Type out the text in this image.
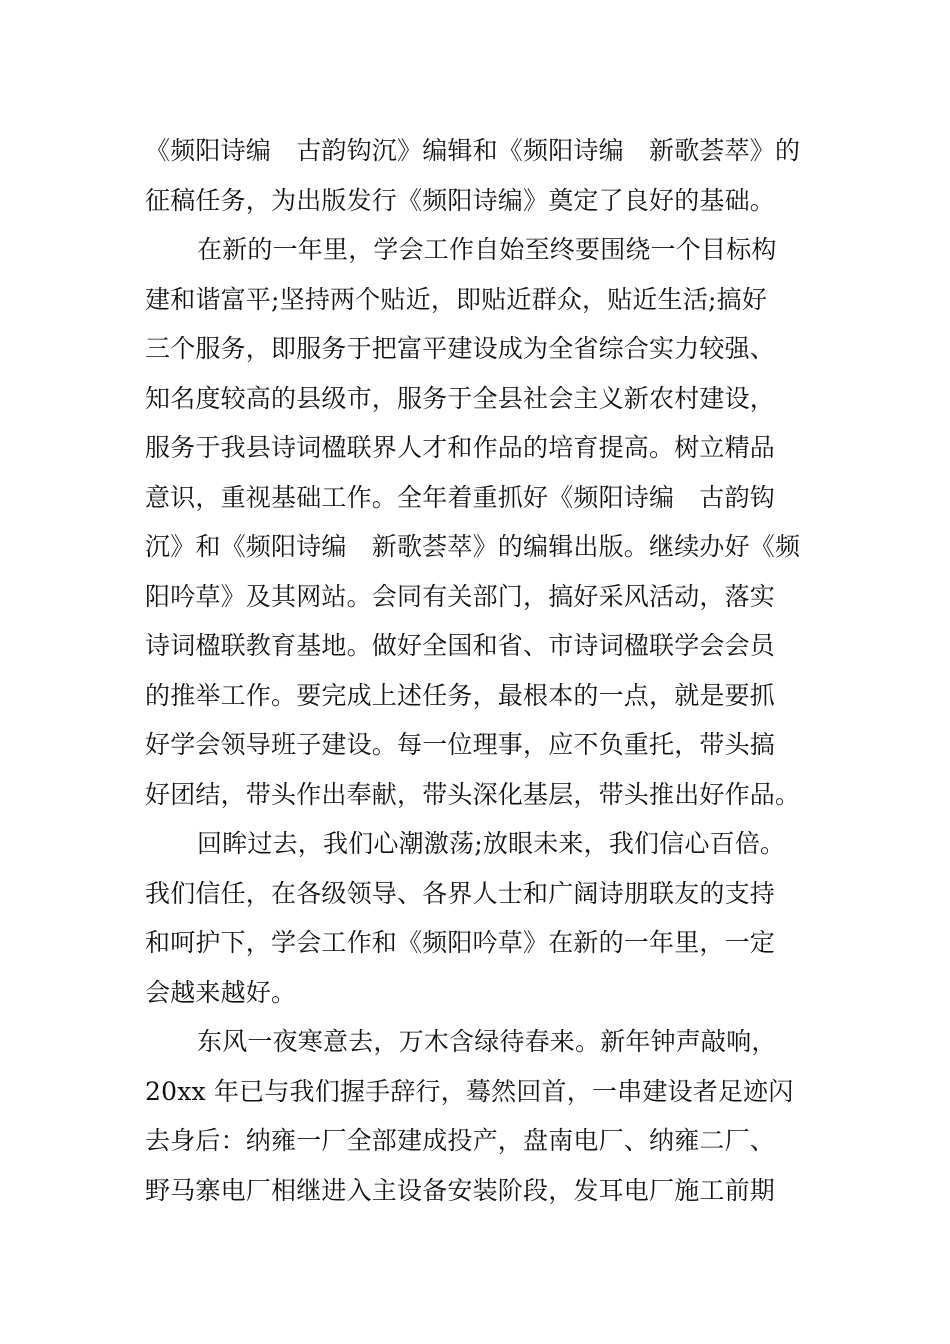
《频阳诗编　古韵钩沉》编辑和《频阳诗编　新歌荟萃》的
征稿任务，为出版发行《频阳诗编》奠定了良好的基础。
在新的一年里，学会工作自始至终要围绕一个目标构
建和谐富平;坚持两个贴近，即贴近群众，贴近生活;搞好
三个服务，即服务于把富平建设成为全省综合实力较强、
知名度较高的县级市，服务于全县社会主义新农村建设，
服务于我县诗词楹联界人才和作品的培育提高。树立精品
意识，重视基础工作。全年着重抓好《频阳诗编　古韵钩
沉》和《频阳诗编　新歌荟萃》的编辑出版。继续办好《频
阳吟草》及其网站。会同有关部门，搞好采风活动，落实
诗词楹联教育基地。做好全国和省、市诗词楹联学会会员
的推举工作。要完成上述任务，最根本的一点，就是要抓
好学会领导班子建设。每一位理事，应不负重托，带头搞
好团结，带头作出奉献，带头深化基层，带头推出好作品。
回眸过去，我们心潮激荡;放眼未来，我们信心百倍。
我们信任，在各级领导、各界人士和广阔诗朋联友的支持
和呵护下，学会工作和《频阳吟草》在新的一年里，一定
会越来越好。
东风一夜寒意去，万木含绿待春来。新年钟声敲响，
20xx 年已与我们握手辞行，蓦然回首，一串建设者足迹闪
去身后：纳雍一厂全部建成投产，盘南电厂、纳雍二厂、
野马寨电厂相继进入主设备安装阶段，发耳电厂施工前期
